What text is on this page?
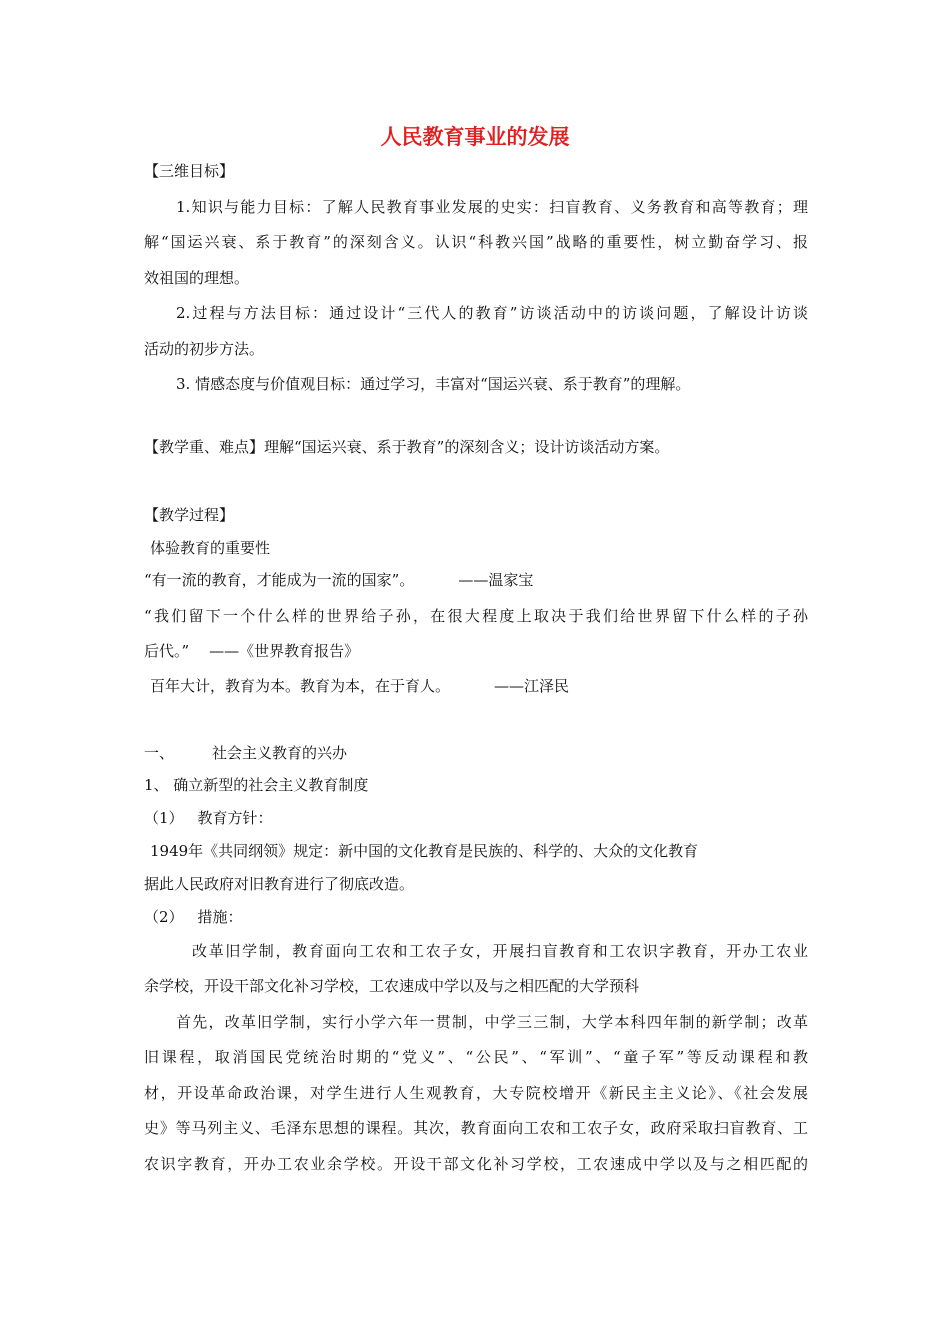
人民教育事业的发展
【三维目标】
1.知识与能力目标：了解人民教育事业发展的史实：扫盲教育、义务教育和高等教育；理
解“国运兴衰、系于教育”的深刻含义。认识“科教兴国”战略的重要性，树立勤奋学习、报
效祖国的理想。
2.过程与方法目标：通过设计“三代人的教育”访谈活动中的访谈问题，了解设计访谈
活动的初步方法。
3. 情感态度与价值观目标：通过学习，丰富对“国运兴衰、系于教育”的理解。
【教学重、难点】理解“国运兴衰、系于教育”的深刻含义；设计访谈活动方案。
【教学过程】
体验教育的重要性
“有一流的教育，才能成为一流的国家”。	——温家宝
“我们留下一个什么样的世界给子孙，在很大程度上取决于我们给世界留下什么样的子孙
后代。” ——《世界教育报告》
百年大计，教育为本。教育为本，在于育人。	——江泽民
一、	社会主义教育的兴办
1、 确立新型的社会主义教育制度
（1） 教育方针：
1949年《共同纲领》规定：新中国的文化教育是民族的、科学的、大众的文化教育
据此人民政府对旧教育进行了彻底改造。
（2） 措施：
改革旧学制，教育面向工农和工农子女，开展扫盲教育和工农识字教育，开办工农业
余学校，开设干部文化补习学校，工农速成中学以及与之相匹配的大学预科
首先，改革旧学制，实行小学六年一贯制，中学三三制，大学本科四年制的新学制；改革
旧课程，取消国民党统治时期的“党义”、“公民”、“军训”、“童子军”等反动课程和教
材，开设革命政治课，对学生进行人生观教育，大专院校增开《新民主主义论》、《社会发展
史》等马列主义、毛泽东思想的课程。其次，教育面向工农和工农子女，政府采取扫盲教育、工
农识字教育，开办工农业余学校。开设干部文化补习学校，工农速成中学以及与之相匹配的
